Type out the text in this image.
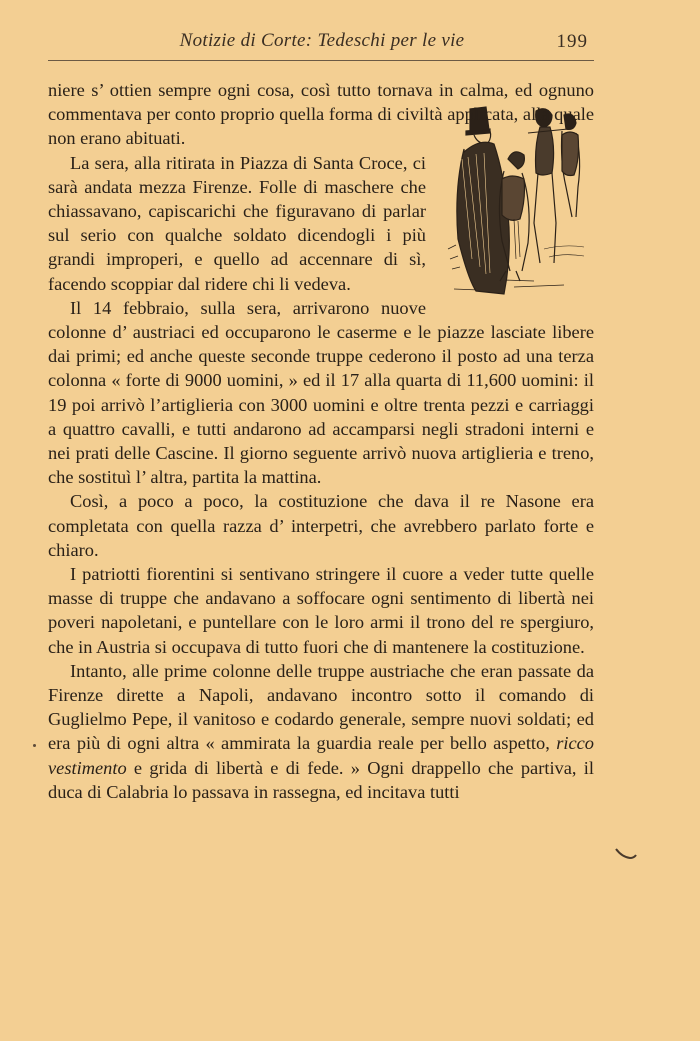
Notizie di Corte: Tedeschi per le vie	199

niere s’ ottien sempre ogni cosa, così tutto tornava in calma, ed ognuno commentava per conto proprio quella forma di civiltà applicata, alla quale non erano abituati.

La sera, alla ritirata in Piazza di Santa Croce, ci sarà andata mezza Firenze. Folle di maschere che chiassavano, capiscarichi che figuravano di parlar sul serio con qualche soldato dicendogli i più grandi improperi, e quello ad accennare di sì, facendo scoppiar dal ridere chi li vedeva.

Il 14 febbraio, sulla sera, arrivarono nuove colonne d’ austriaci ed occuparono le caserme e le piazze lasciate libere dai primi; ed anche queste seconde truppe cederono il posto ad una terza colonna « forte di 9000 uomini, » ed il 17 alla quarta di 11,600 uomini: il 19 poi arrivò l’artiglieria con 3000 uomini e oltre trenta pezzi e carriaggi a quattro cavalli, e tutti andarono ad accamparsi negli stradoni interni e nei prati delle Cascine. Il giorno seguente arrivò nuova artiglieria e treno, che sostituì l’ altra, partita la mattina.

Così, a poco a poco, la costituzione che dava il re Nasone era completata con quella razza d’ interpetri, che avrebbero parlato forte e chiaro.

I patriotti fiorentini si sentivano stringere il cuore a veder tutte quelle masse di truppe che andavano a soffocare ogni sentimento di libertà nei poveri napoletani, e puntellare con le loro armi il trono del re spergiuro, che in Austria si occupava di tutto fuori che di mantenere la costituzione.

Intanto, alle prime colonne delle truppe austriache che eran passate da Firenze dirette a Napoli, andavano incontro sotto il comando di Guglielmo Pepe, il vanitoso e codardo generale, sempre nuovi soldati; ed era più di ogni altra « ammirata la guardia reale per bello aspetto, ricco vestimento e grida di libertà e di fede. » Ogni drappello che partiva, il duca di Calabria lo passava in rassegna, ed incitava tutti
